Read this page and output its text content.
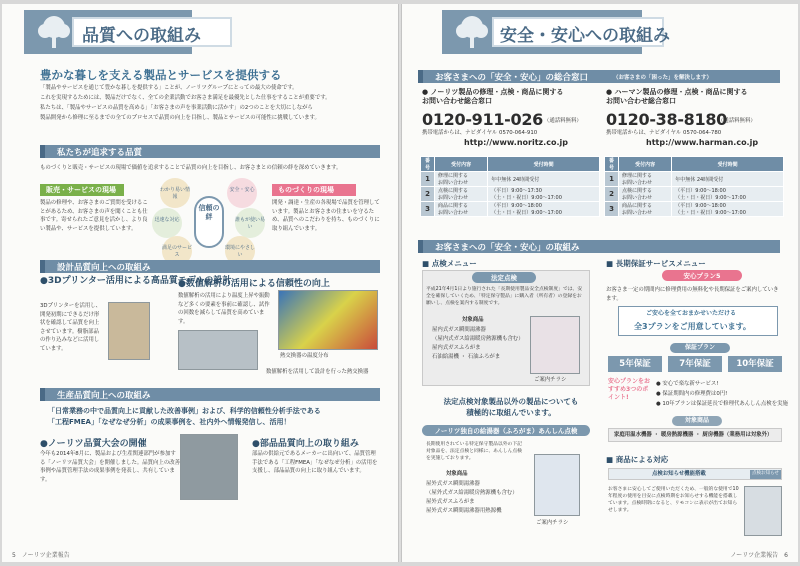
品質への取組み
豊かな暮しを支える製品とサービスを提供する
「製品やサービスを通じて豊かな暮しを提供する」ことが、ノーリツグループにとっての最大の使命です。
これを実現するためには、製品だけでなく、全ての企業活動でお客さま満足を最優先とした仕事をすることが重要です。
私たちは、「製品やサービスの品質を高める」「お客さまの声を事業活動に活かす」の2つのことを大切にしながら
製品開発から修理に至るまでの全てのプロセスで品質の向上を目指し、製品とサービスの可能性に挑戦しています。
私たちが追求する品質
ものづくりと販売・サービスの現場で価値を追求することで品質の向上を目指し、お客さまとの信頼の絆を深めていきます。
販売・サービスの現場
製品の修理や、お客さまのご質問を受けることがあるため、お客さまの声を聞くことも仕事です。寄せられたご意見を活かし、より良い製品や、サービスを提供しています。
わかり易い情報
迅速な対応
満足のサービス
安全・安心
誰もが使い易い
環境にやさしい
信頼の絆
ものづくりの現場
開発・調達・生産の各現場で品質を管理しています。製品とお客さまの住まいを守るため、品質へのこだわりを持ち、ものづくりに取り組んでいます。
設計品質向上への取組み
●3Dプリンター活用による高品質モデルの設計
3Dプリンターを活用し、開発初期にできるだけ形状を確認して品質を向上させています。樹脂部品の作り込みなどに活用しています。
●数値解析の活用による信頼性の向上
数値解析の活用により温度上昇や振動など多くの要素を事前に確認し、試作の回数を減らして品質を高めています。
熱交換器の温度分布
数値解析を活用して設計を行った熱交換器
生産品質向上への取組み
「日常業務の中で品質向上に貢献した改善事例」および、科学的信頼性分析手法である
「工程FMEA」「なぜなぜ分析」の成果事例を、社内外へ情報発信し、活用！
●ノーリツ品質大会の開催
今年も2014年8月に、製品および生産関連部門が参加する「ノーリツ品質大会」を開催しました。品質向上の改善事例や品質管理手法の成果事例を発表し、共有しています。
●部品品質向上の取り組み
部品の供給元であるメーカーに出向いて、品質管理手法である「工程FMEA」「なぜなぜ分析」の活用を支援し、部品品質の向上に取り組んでいます。
5　 ノーリツ企業報告
安全・安心への取組み
お客さまへの「安全・安心」の総合窓口	（お客さまの「困った」を解決します）
● ノーリツ製品の修理・点検・商品に関する
お問い合わせ総合窓口
0120-911-026 （通話料無料）
携帯電話からは、ナビダイヤル 0570-064-910
http://www.noritz.co.jp
番号	受付内容	受付時間
1	修理に関する
お問い合わせ	年中無休 24時間受付
2	点検に関する
お問い合わせ	（平日）9:00〜17:30
（土・日・祝日）9:00〜17:00
3	商品に関する
お問い合わせ	（平日）9:00〜18:00
（土・日・祝日）9:00〜17:00
● ハーマン製品の修理・点検・商品に関する
お問い合わせ総合窓口
0120-38-8180
（通話料無料）
携帯電話からは、ナビダイヤル 0570-064-780
http://www.harman.co.jp
番号	受付内容	受付時間
1	修理に関する
お問い合わせ	年中無休 24時間受付
2	点検に関する
お問い合わせ	（平日）9:00〜18:00
（土・日・祝日）9:00〜17:00
3	商品に関する
お問い合わせ	（平日）9:00〜18:00
（土・日・祝日）9:00〜17:00
お客さまへの「安全・安心」の取組み
■ 点検メニュー
法定点検
平成21年4月1日より施行された「長期使用製品安全点検制度」では、安全を確保していくため、「特定保守製品」に購入者（所有者）の登録をお願いし、点検を案内する制度です。
対象商品
屋内式ガス瞬間湯沸器
（屋内式ガス給湯暖房熱源機も含む）
屋内式ガスふろがま
石油給湯機 ・ 石油ふろがま
ご案内チラシ
法定点検対象製品以外の製品についても
積極的に取組んでいます。
ノーリツ独自の給湯器（ふろがま）あんしん点検
長期使用されている特定保守製品以外の下記対象品を、法定点検と同様に、あんしん点検を実施しております。
対象商品
屋外式ガス瞬間湯沸器
（屋外式ガス給湯暖房熱源機も含む）
屋外式ガスふろがま
屋外式ガス瞬間湯沸器用熱源機
ご案内チラシ
■ 長期保証サービスメニュー
安心プラン5
お客さま一定の期間内に修理費用の無料化や長期保証をご案内していきます。
ご安心を全ておまかせいただける
全3プランをご用意しています。
保証プラン
5年保証	7年保証	10年保証
安心プランをおすすめ3つのポイント!
● 安心で楽な新サービス!
● 保証期間内の修理費は0円!
● 10年プランは保証延長で修理代あんしん点検を実施
対象商品
家庭用温水機器 ・ 暖房熱源機器 ・ 厨房機器（業務用は対象外）
■ 商品による対応
点検お知らせ機能搭載	点検お知らせ
お客さまに安心してご使用いただくため、一般的な使用で10年程度の使用を目安に点検時期をお知らせする機能を搭載しています。点検時期になると、リモコンに表示が出てお知らせします。
ノーリツ企業報告　 6
